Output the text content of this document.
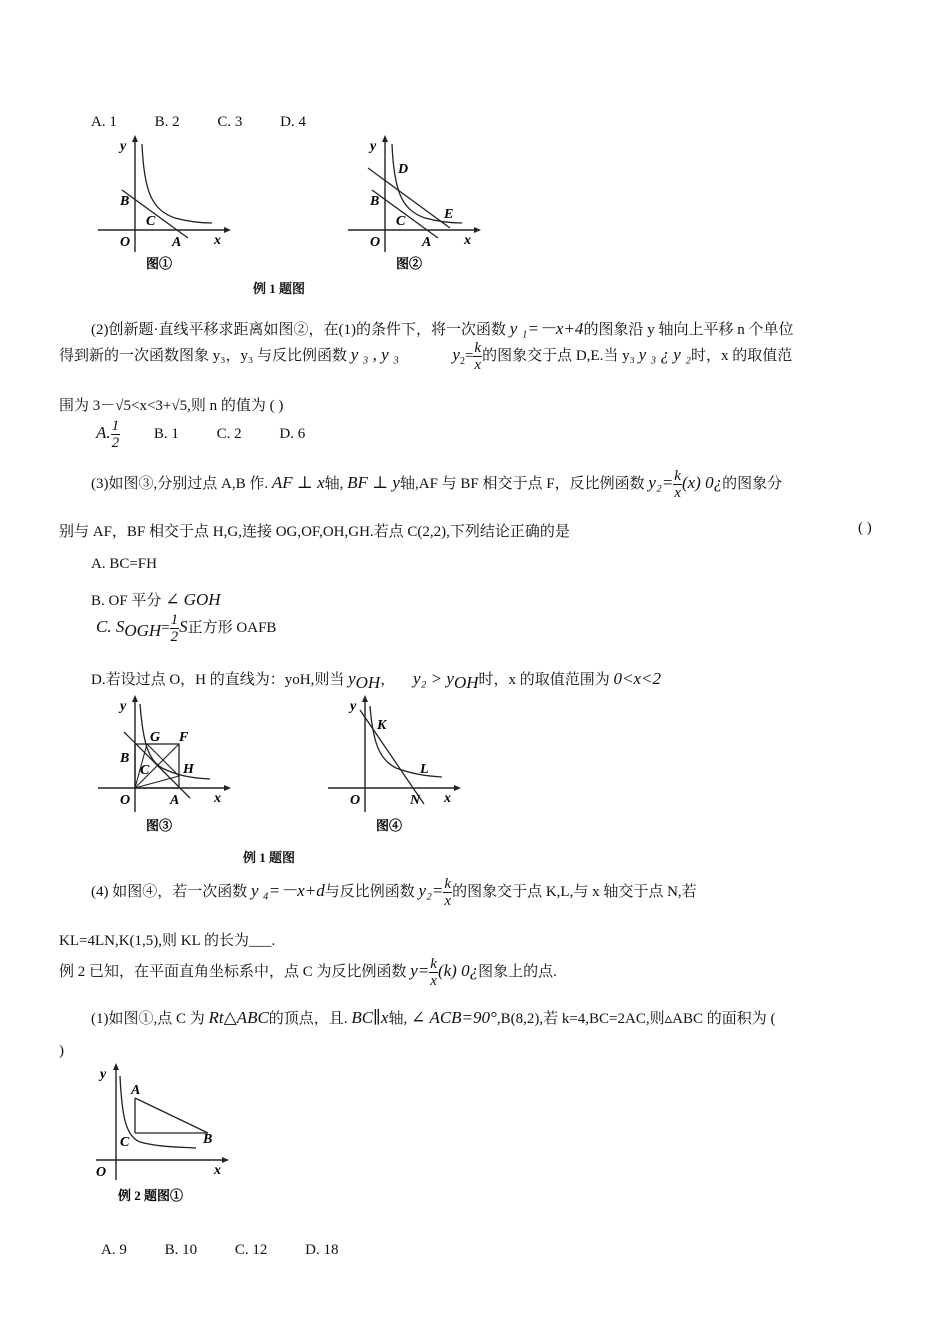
A. 1	B. 2	C. 3	D. 4
y
x
O
B
C
A
图①
y
x
O
D
B
C	E
A
图②
例 1 题图
(2)创新题·直线平移求距离如图②，在(1)的条件下，将一次函数 y ₁=－x+4的图象沿 y 轴向上平移 n 个单位
得到新的一次函数图象 y₃，y₃ 与反比例函数 y ₃ , y ₃	$y_2= \frac{k}{x}$ 的图象交于点 D,E.当 y₃ y ₃ ¿ y ₂时，x 的取值范
围为 3－√5<x<3+√5,则 n 的值为 ( )
A. $\frac{1}{2} B$. 1	C. 2	D. 6
(3)如图③,分别过点 A,B 作. AF ⊥ x轴, BF ⊥ y轴,AF 与 BF 相交于点 F，反比例函数 $y_2= \frac{k}{x} (x)$ 0¿的图象分
别与 AF，BF 相交于点 H,G,连接 OG,OF,OH,GH.若点 C(2,2),下列结论正确的是	( )
A. BC=FH
B. OF 平分 ∠ GOH
C. $S_{OGH}= \frac{1}{2}$ S正方形 OAFB
D.若设过点 O，H 的直线为：yoH,则当 $y_{OH}$， $y_2 > y_{OH}$时，x 的取值范围为 0<x<2
y
x
O
B
G F
C H
A
图③
y
x
O
K
L
N
图④
例 1 题图
(4) 如图④，若一次函数 y ₄=－x+d与反比例函数 $y_2= \frac{k}{x}$ 的图象交于点 K,L,与 x 轴交于点 N,若
KL=4LN,K(1,5),则 KL 的长为___.
例 2 已知，在平面直角坐标系中，点 C 为反比例函数 $y= \frac{k}{x} (k)$ 0¿图象上的点.
(1)如图①,点 C 为 Rt△ABC的顶点，且. BC∥x轴, ∠ ACB=90°,B(8,2),若 k=4,BC=2AC,则▵ABC 的面积为 (
)
y
x
O
A
C	B
例 2 题图①
A. 9	B. 10	C. 12	D. 18
